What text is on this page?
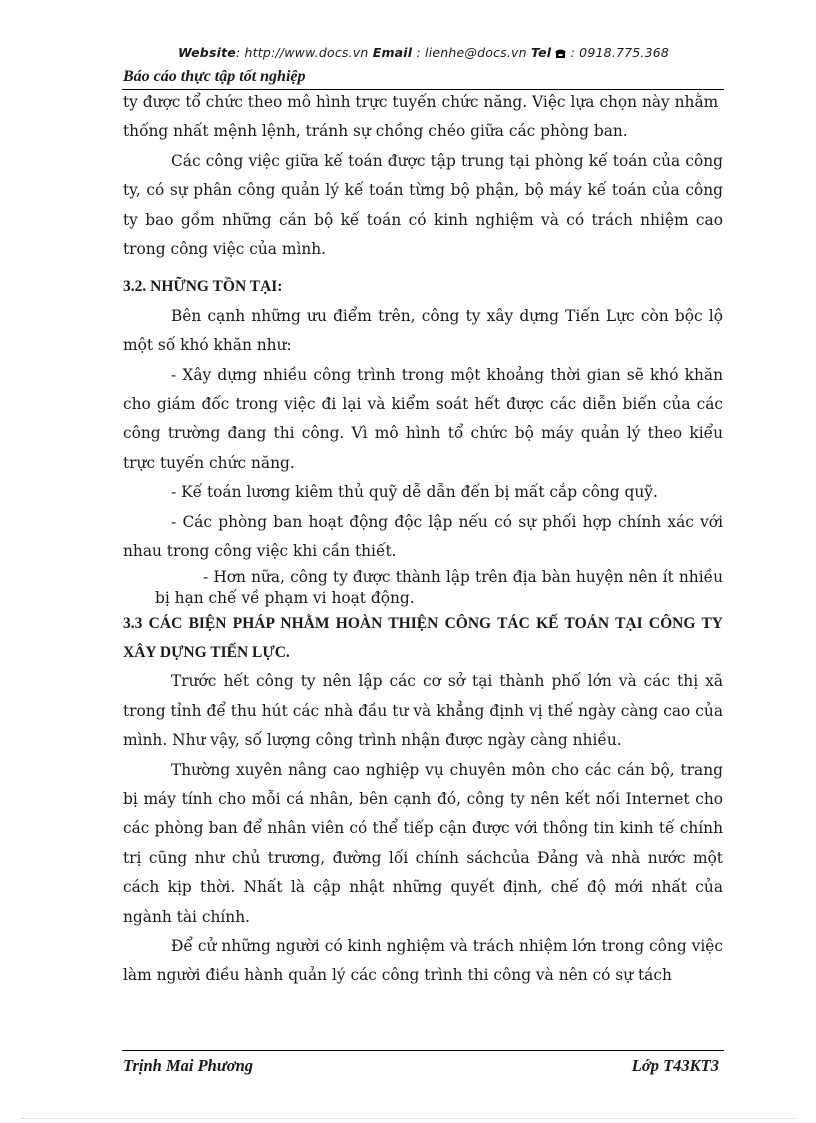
Website: http://www.docs.vn Email : lienhe@docs.vn Tel  : 0918.775.368
Báo cáo thực tập tốt nghiệp

ty được tổ chức theo mô hình trực tuyến chức năng. Việc lựa chọn này nhằm

thống nhất mệnh lệnh, tránh sự chồng chéo giữa các phòng ban.

Các công việc giữa kế toán được tập trung tại phòng kế toán của công ty, có sự phân công quản lý kế toán từng bộ phận, bộ máy kế toán của công ty bao gồm những cán bộ kế toán có kinh nghiệm và có trách nhiệm cao trong công việc của mình.

3.2. NHỮNG TỒN TẠI:

Bên cạnh những ưu điểm trên, công ty xây dựng Tiến Lực còn bộc lộ một số khó khăn như:

- Xây dựng nhiều công trình trong một khoảng thời gian sẽ khó khăn cho giám đốc trong việc đi lại và kiểm soát hết được các diễn biến của các công trường đang thi công. Vì mô hình tổ chức bộ máy quản lý theo kiểu trực tuyến chức năng.

- Kế toán lương kiêm thủ quỹ dễ dẫn đến bị mất cắp công quỹ.

- Các phòng ban hoạt động độc lập nếu có sự phối hợp chính xác với nhau trong công việc khi cần thiết.

- Hơn nữa, công ty được thành lập trên địa bàn huyện nên ít nhiều bị hạn chế về phạm vi hoạt động.

3.3 CÁC BIỆN PHÁP NHẰM HOÀN THIỆN CÔNG TÁC KẾ TOÁN TẠI CÔNG TY XÂY DỰNG TIẾN LỰC.

Trước hết công ty nên lập các cơ sở tại thành phố lớn và các thị xã trong tỉnh để thu hút các nhà đầu tư và khẳng định vị thế ngày càng cao của mình. Như vậy, số lượng công trình nhận được ngày càng nhiều.

Thường xuyên nâng cao nghiệp vụ chuyên môn cho các cán bộ, trang bị máy tính cho mỗi cá nhân, bên cạnh đó, công ty nên kết nối Internet cho các phòng ban để nhân viên có thể tiếp cận được với thông tin kinh tế chính trị cũng như chủ trương, đường lối chính sáchcủa Đảng và nhà nước một cách kịp thời. Nhất là cập nhật những quyết định, chế độ mới nhất của ngành tài chính.

Để cử những người có kinh nghiệm và trách nhiệm lớn trong công việc làm người điều hành quản lý các công trình thi công và nên có sự tách

Trịnh Mai Phương	Lớp T43KT3
